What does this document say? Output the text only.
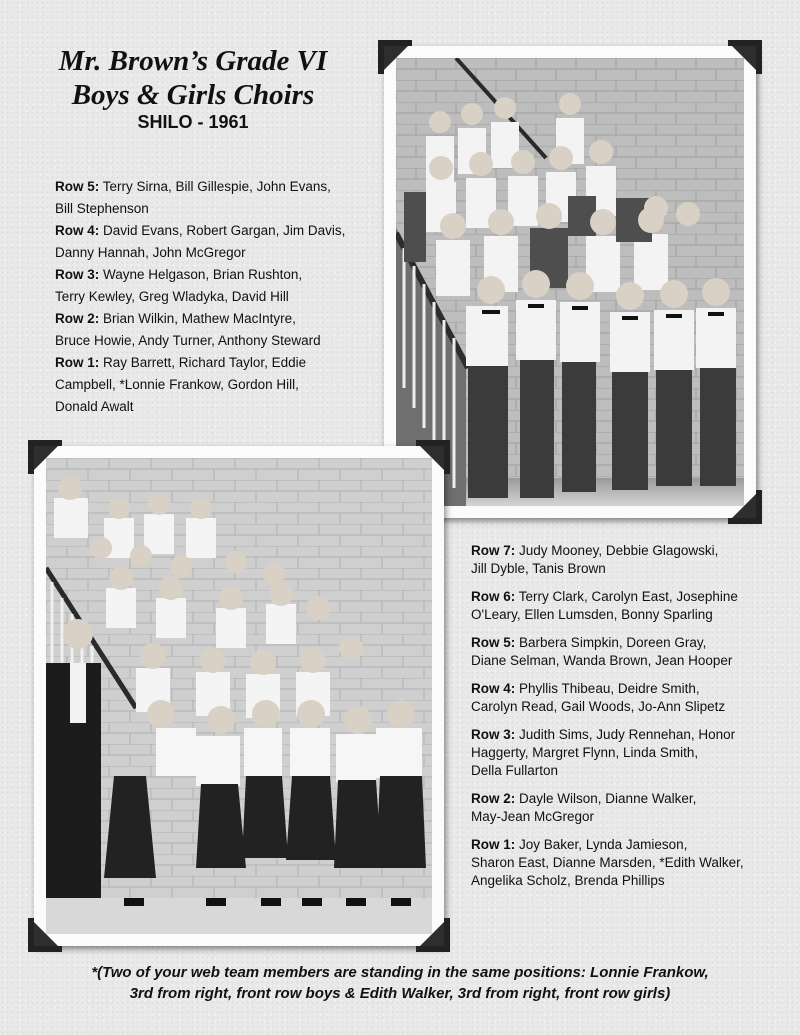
Mr. Brown’s Grade VI
Boys & Girls Choirs
SHILO - 1961
Row 5: Terry Sirna, Bill Gillespie, John Evans,
Bill Stephenson
Row 4: David Evans, Robert Gargan, Jim Davis,
Danny Hannah, John McGregor
Row 3: Wayne Helgason, Brian Rushton,
Terry Kewley, Greg Wladyka, David Hill
Row 2: Brian Wilkin, Mathew MacIntyre,
Bruce Howie, Andy Turner, Anthony Steward
Row 1: Ray Barrett, Richard Taylor, Eddie
Campbell, *Lonnie Frankow, Gordon Hill,
Donald Awalt
Row 7: Judy Mooney, Debbie Glagowski,
Jill Dyble, Tanis Brown
Row 6: Terry Clark, Carolyn East, Josephine
O'Leary, Ellen Lumsden, Bonny Sparling
Row 5: Barbera Simpkin, Doreen Gray,
Diane Selman, Wanda Brown, Jean Hooper
Row 4: Phyllis Thibeau, Deidre Smith,
Carolyn Read, Gail Woods, Jo-Ann Slipetz
Row 3: Judith Sims, Judy Rennehan, Honor
Haggerty, Margret Flynn, Linda Smith,
Della Fullarton
Row 2: Dayle Wilson, Dianne Walker,
May-Jean McGregor
Row 1: Joy Baker, Lynda Jamieson,
Sharon East, Dianne Marsden, *Edith Walker,
Angelika Scholz, Brenda Phillips
*(Two of your web team members are standing in the same positions: Lonnie Frankow,
3rd from right, front row boys & Edith Walker, 3rd from right, front row girls)
